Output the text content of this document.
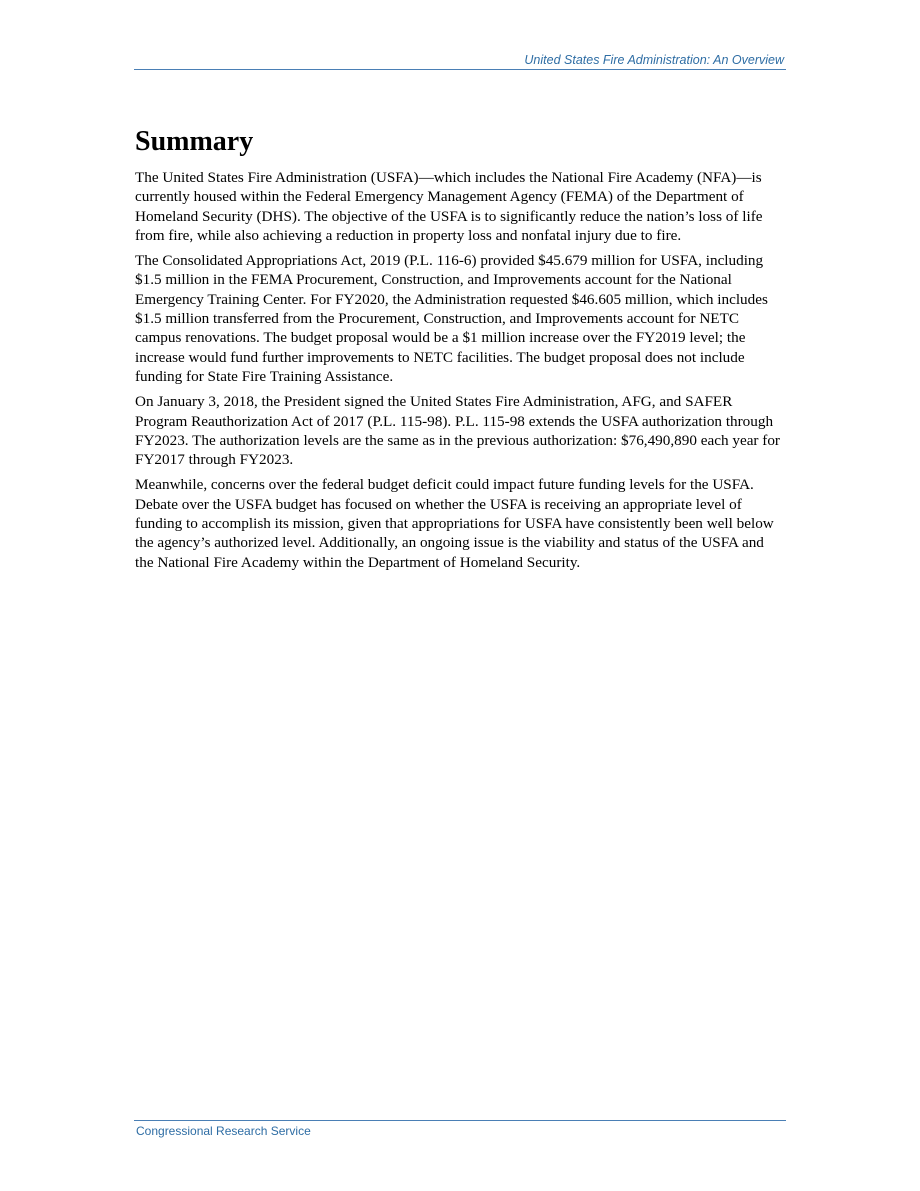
United States Fire Administration: An Overview
Summary

The United States Fire Administration (USFA)—which includes the National Fire Academy (NFA)—is currently housed within the Federal Emergency Management Agency (FEMA) of the Department of Homeland Security (DHS). The objective of the USFA is to significantly reduce the nation’s loss of life from fire, while also achieving a reduction in property loss and nonfatal injury due to fire.

The Consolidated Appropriations Act, 2019 (P.L. 116-6) provided $45.679 million for USFA, including $1.5 million in the FEMA Procurement, Construction, and Improvements account for the National Emergency Training Center. For FY2020, the Administration requested $46.605 million, which includes $1.5 million transferred from the Procurement, Construction, and Improvements account for NETC campus renovations. The budget proposal would be a $1 million increase over the FY2019 level; the increase would fund further improvements to NETC facilities. The budget proposal does not include funding for State Fire Training Assistance.

On January 3, 2018, the President signed the United States Fire Administration, AFG, and SAFER Program Reauthorization Act of 2017 (P.L. 115-98). P.L. 115-98 extends the USFA authorization through FY2023. The authorization levels are the same as in the previous authorization: $76,490,890 each year for FY2017 through FY2023.

Meanwhile, concerns over the federal budget deficit could impact future funding levels for the USFA. Debate over the USFA budget has focused on whether the USFA is receiving an appropriate level of funding to accomplish its mission, given that appropriations for USFA have consistently been well below the agency’s authorized level. Additionally, an ongoing issue is the viability and status of the USFA and the National Fire Academy within the Department of Homeland Security.

Congressional Research Service
